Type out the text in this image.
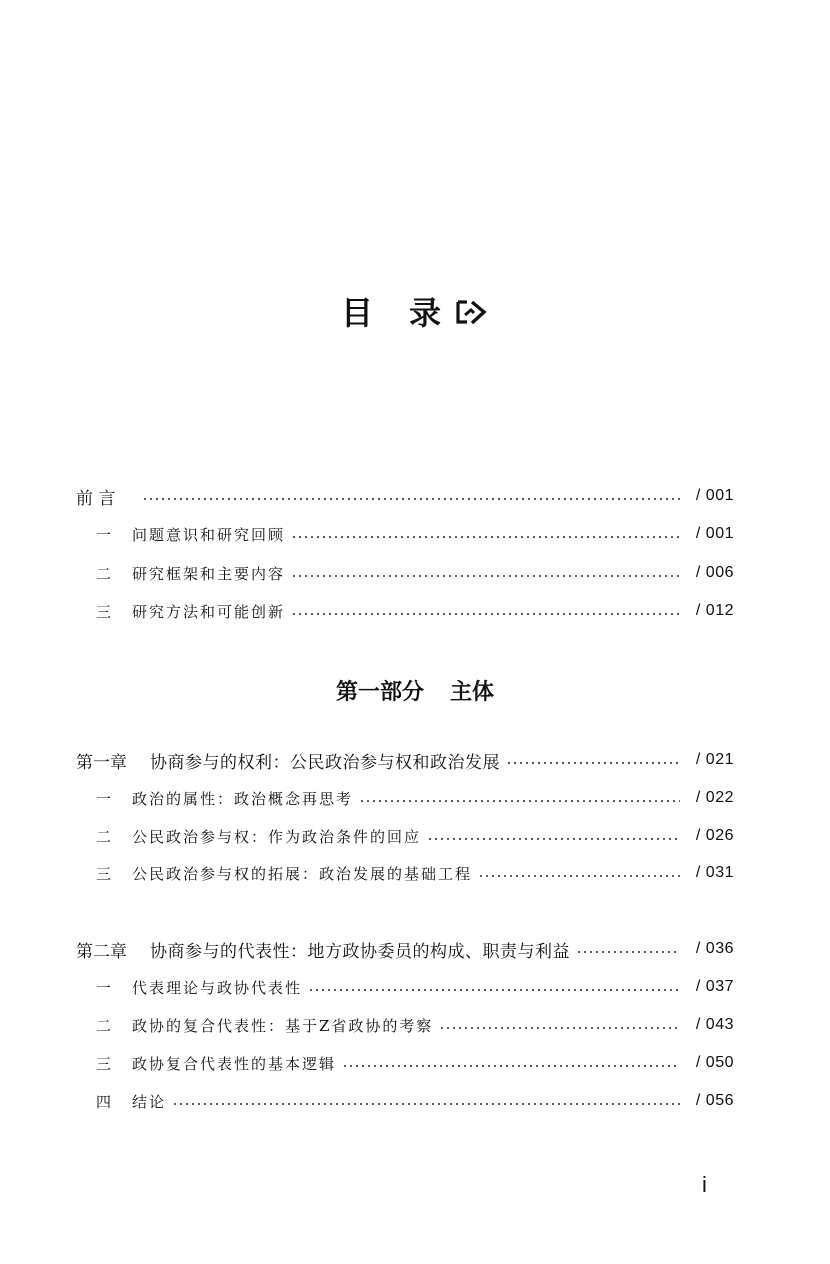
目 录
前 言	/ 001
一	问题意识和研究回顾	/ 001
二	研究框架和主要内容	/ 006
三	研究方法和可能创新	/ 012
第一部分 主体
第一章	协商参与的权利：公民政治参与权和政治发展	/ 021
一	政治的属性：政治概念再思考	/ 022
二	公民政治参与权：作为政治条件的回应	/ 026
三	公民政治参与权的拓展：政治发展的基础工程	/ 031
第二章	协商参与的代表性：地方政协委员的构成、职责与利益	/ 036
一	代表理论与政协代表性	/ 037
二	政协的复合代表性：基于Z省政协的考察	/ 043
三	政协复合代表性的基本逻辑	/ 050
四	结论	/ 056
i
